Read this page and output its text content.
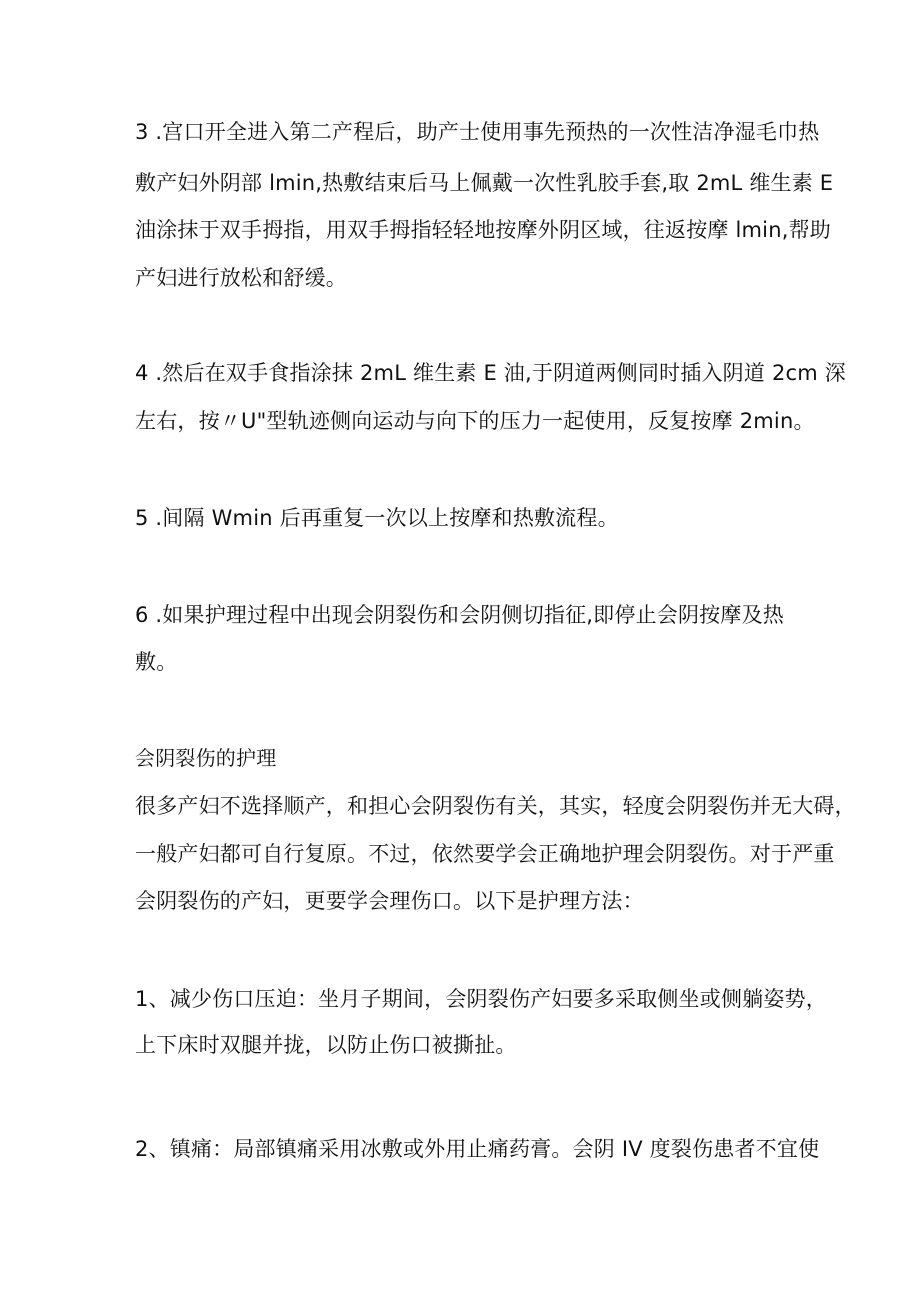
3 .宫口开全进入第二产程后，助产士使用事先预热的一次性洁净湿毛巾热
敷产妇外阴部 lmin,热敷结束后马上佩戴一次性乳胶手套,取 2mL 维生素 E
油涂抹于双手拇指，用双手拇指轻轻地按摩外阴区域，往返按摩 lmin,帮助
产妇进行放松和舒缓。
4 .然后在双手食指涂抹 2mL 维生素 E 油,于阴道两侧同时插入阴道 2cm 深
左右，按〃U"型轨迹侧向运动与向下的压力一起使用，反复按摩 2min。
5 .间隔 Wmin 后再重复一次以上按摩和热敷流程。
6 .如果护理过程中出现会阴裂伤和会阴侧切指征,即停止会阴按摩及热
敷。
会阴裂伤的护理
很多产妇不选择顺产，和担心会阴裂伤有关，其实，轻度会阴裂伤并无大碍，
一般产妇都可自行复原。不过，依然要学会正确地护理会阴裂伤。对于严重
会阴裂伤的产妇，更要学会理伤口。以下是护理方法：
1、减少伤口压迫：坐月子期间，会阴裂伤产妇要多采取侧坐或侧躺姿势，
上下床时双腿并拢，以防止伤口被撕扯。
2、镇痛：局部镇痛采用冰敷或外用止痛药膏。会阴 IV 度裂伤患者不宜使
